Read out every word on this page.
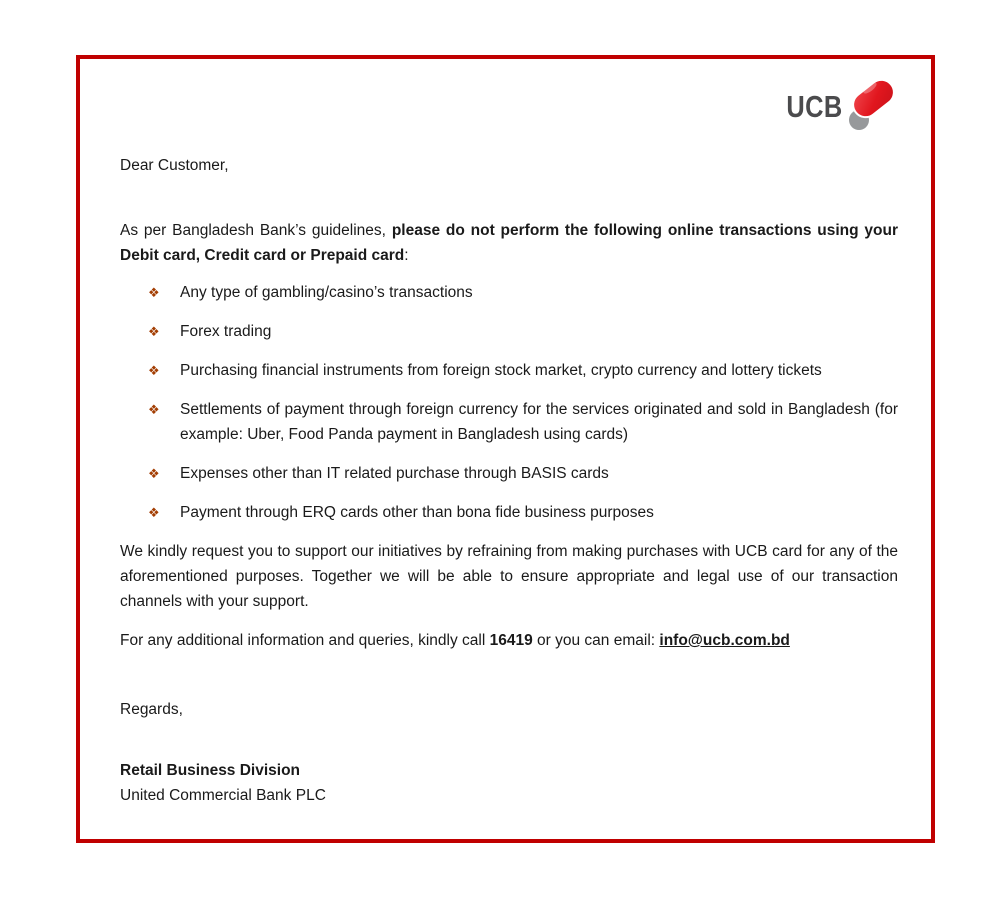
UCB

Dear Customer,

As per Bangladesh Bank’s guidelines, please do not perform the following online transactions using your Debit card, Credit card or Prepaid card:

❖	Any type of gambling/casino’s transactions
❖	Forex trading
❖	Purchasing financial instruments from foreign stock market, crypto currency and lottery tickets
❖	Settlements of payment through foreign currency for the services originated and sold in Bangladesh (for example: Uber, Food Panda payment in Bangladesh using cards)
❖	Expenses other than IT related purchase through BASIS cards
❖	Payment through ERQ cards other than bona fide business purposes

We kindly request you to support our initiatives by refraining from making purchases with UCB card for any of the aforementioned purposes. Together we will be able to ensure appropriate and legal use of our transaction channels with your support.

For any additional information and queries, kindly call 16419 or you can email: info@ucb.com.bd

Regards,

Retail Business Division
United Commercial Bank PLC
